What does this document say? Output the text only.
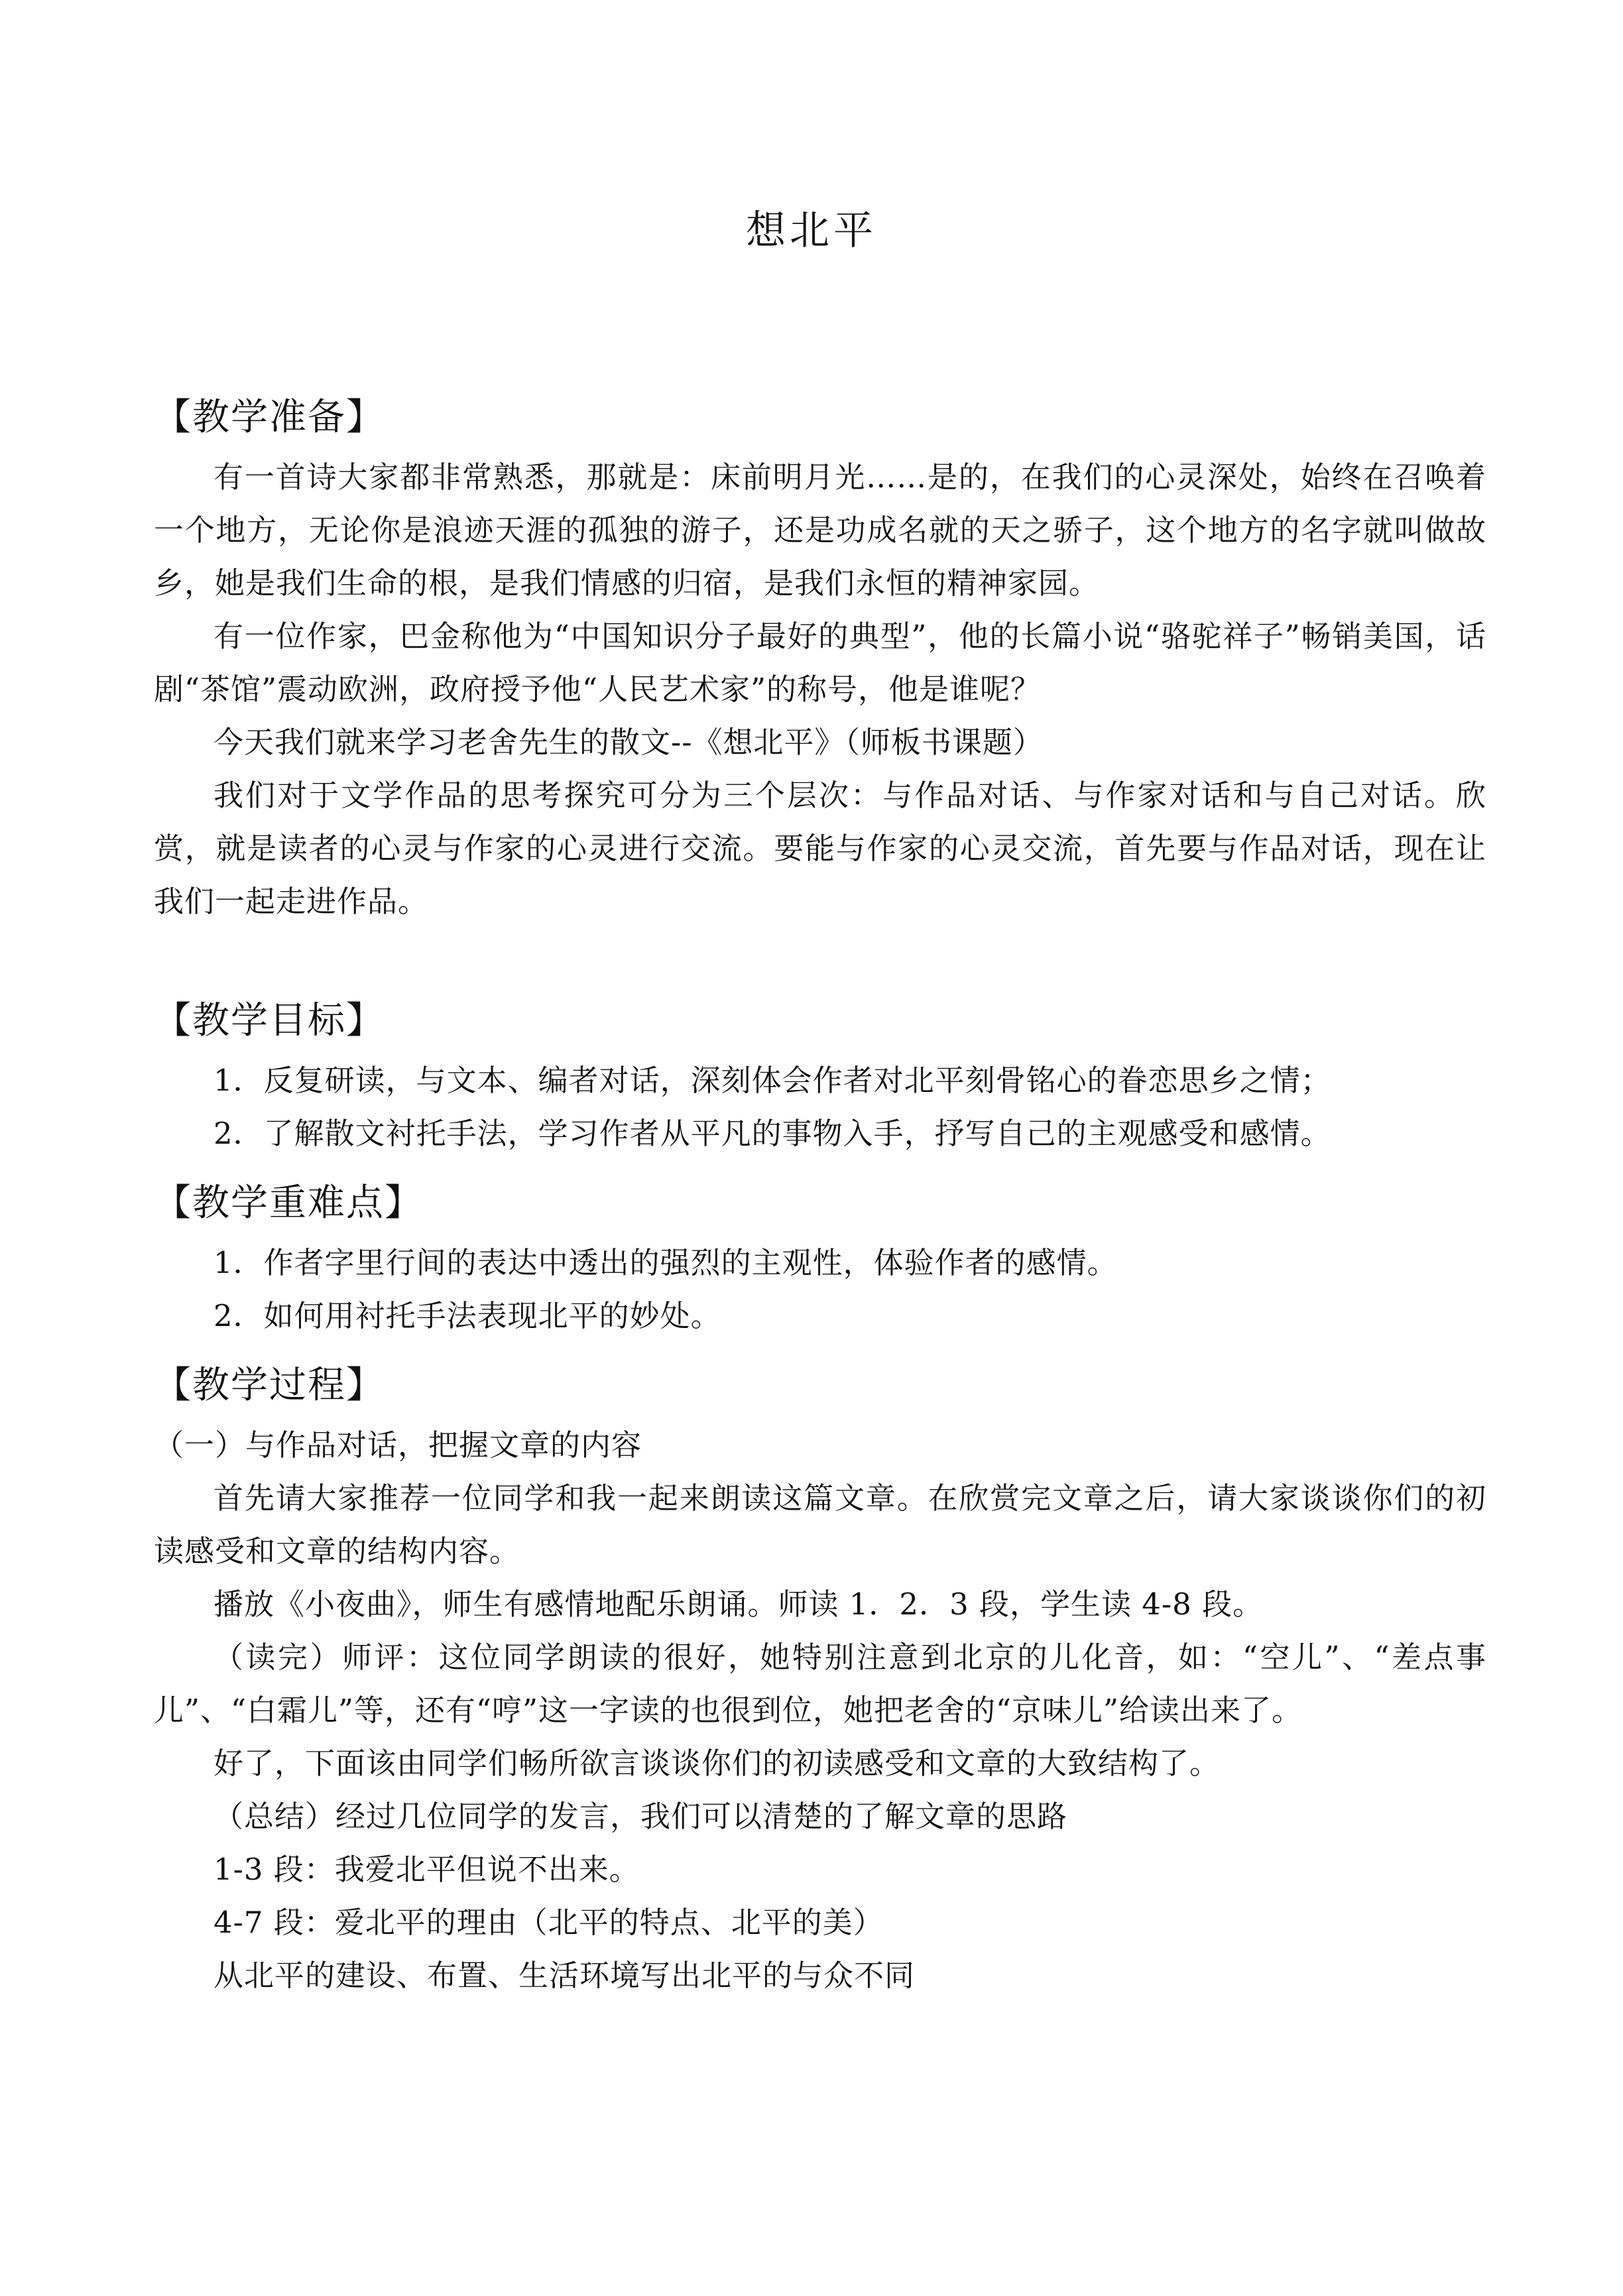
想北平
【教学准备】
有一首诗大家都非常熟悉，那就是：床前明月光……是的，在我们的心灵深处，始终在召唤着一个地方，无论你是浪迹天涯的孤独的游子，还是功成名就的天之骄子，这个地方的名字就叫做故乡，她是我们生命的根，是我们情感的归宿，是我们永恒的精神家园。
有一位作家，巴金称他为“中国知识分子最好的典型”，他的长篇小说“骆驼祥子”畅销美国，话剧“茶馆”震动欧洲，政府授予他“人民艺术家”的称号，他是谁呢？
今天我们就来学习老舍先生的散文--《想北平》（师板书课题）
我们对于文学作品的思考探究可分为三个层次：与作品对话、与作家对话和与自己对话。欣赏，就是读者的心灵与作家的心灵进行交流。要能与作家的心灵交流，首先要与作品对话，现在让我们一起走进作品。
【教学目标】
1．反复研读，与文本、编者对话，深刻体会作者对北平刻骨铭心的眷恋思乡之情；
2．了解散文衬托手法，学习作者从平凡的事物入手，抒写自己的主观感受和感情。
【教学重难点】
1．作者字里行间的表达中透出的强烈的主观性，体验作者的感情。
2．如何用衬托手法表现北平的妙处。
【教学过程】
（一）与作品对话，把握文章的内容
首先请大家推荐一位同学和我一起来朗读这篇文章。在欣赏完文章之后，请大家谈谈你们的初读感受和文章的结构内容。
播放《小夜曲》，师生有感情地配乐朗诵。师读 1．2．3 段，学生读 4-8 段。
（读完）师评：这位同学朗读的很好，她特别注意到北京的儿化音，如：“空儿”、“差点事儿”、“白霜儿”等，还有“哼”这一字读的也很到位，她把老舍的“京味儿”给读出来了。
好了，下面该由同学们畅所欲言谈谈你们的初读感受和文章的大致结构了。
（总结）经过几位同学的发言，我们可以清楚的了解文章的思路
1-3 段：我爱北平但说不出来。
4-7 段：爱北平的理由（北平的特点、北平的美）
从北平的建设、布置、生活环境写出北平的与众不同
